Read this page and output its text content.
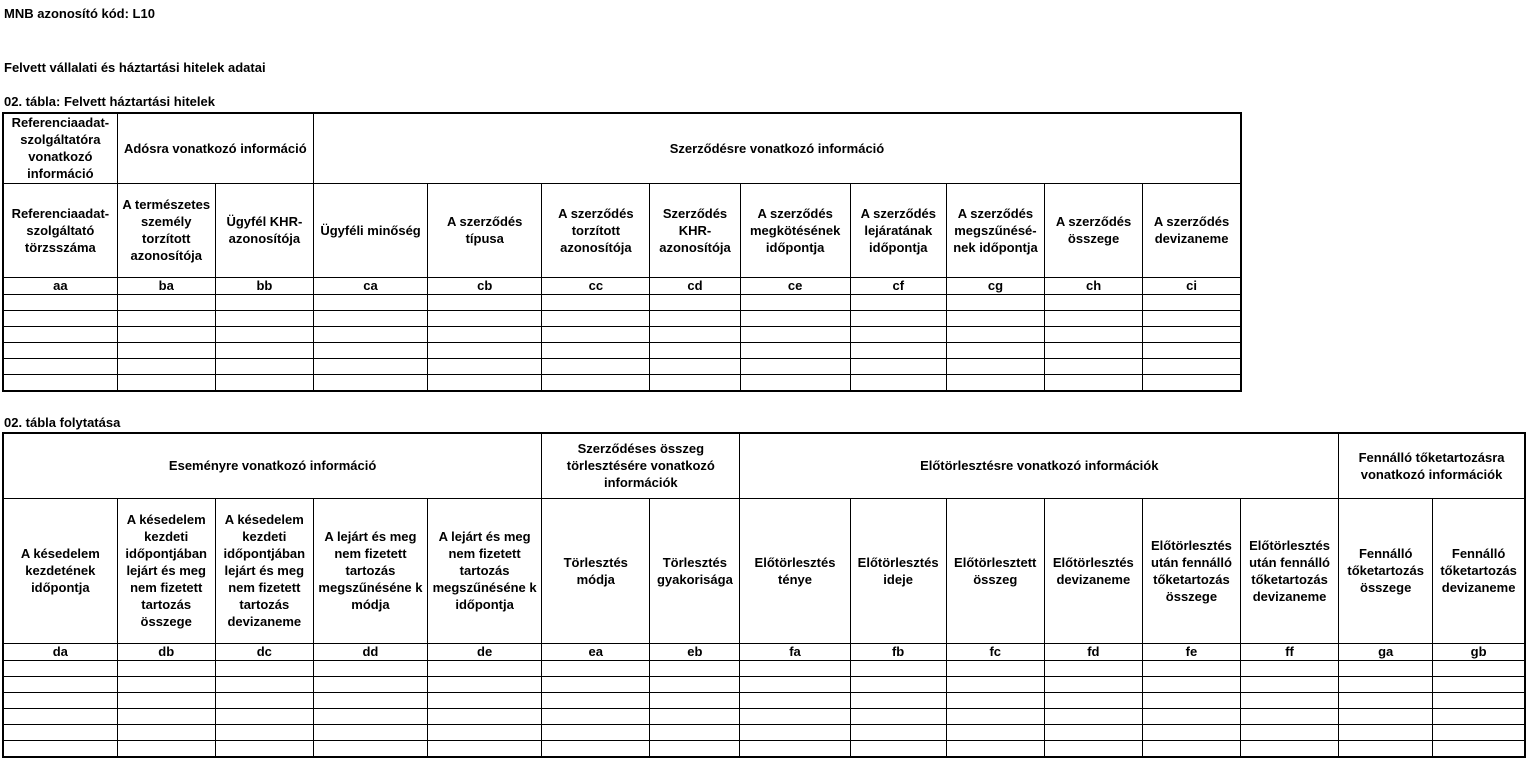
MNB azonosító kód: L10
Felvett vállalati és háztartási hitelek adatai
02. tábla: Felvett háztartási hitelek
Referenciaadat-szolgáltatóra vonatkozó információ	Adósra vonatkozó információ		Szerződésre vonatkozó információ								
Referenciaadat-szolgáltató törzsszáma	A természetes személy torzított azonosítója	Ügyfél KHR-azonosítója	Ügyféli minőség	A szerződés típusa	A szerződés torzított azonosítója	Szerződés KHR-azonosítója	A szerződés megkötésének időpontja	A szerződés lejáratának időpontja	A szerződés megszűnésé-nek időpontja	A szerződés összege	A szerződés devizaneme
aa	ba	bb	ca	cb	cc	cd	ce	cf	cg	ch	ci

02. tábla folytatása
Eseményre vonatkozó információ					Szerződéses összeg törlesztésére vonatkozó információk		Előtörlesztésre vonatkozó információk						Fennálló tőketartozásra vonatkozó információk	
A késedelem kezdetének időpontja	A késedelem kezdeti időpontjában lejárt és meg nem fizetett tartozás összege	A késedelem kezdeti időpontjában lejárt és meg nem fizetett tartozás devizaneme	A lejárt és meg nem fizetett tartozás megszűnéséne k módja	A lejárt és meg nem fizetett tartozás megszűnéséne k időpontja	Törlesztés módja	Törlesztés gyakorisága	Előtörlesztés ténye	Előtörlesztés ideje	Előtörlesztett összeg	Előtörlesztés devizaneme	Előtörlesztés után fennálló tőketartozás összege	Előtörlesztés után fennálló tőketartozás devizaneme	Fennálló tőketartozás összege	Fennálló tőketartozás devizaneme
da	db	dc	dd	de	ea	eb	fa	fb	fc	fd	fe	ff	ga	gb
